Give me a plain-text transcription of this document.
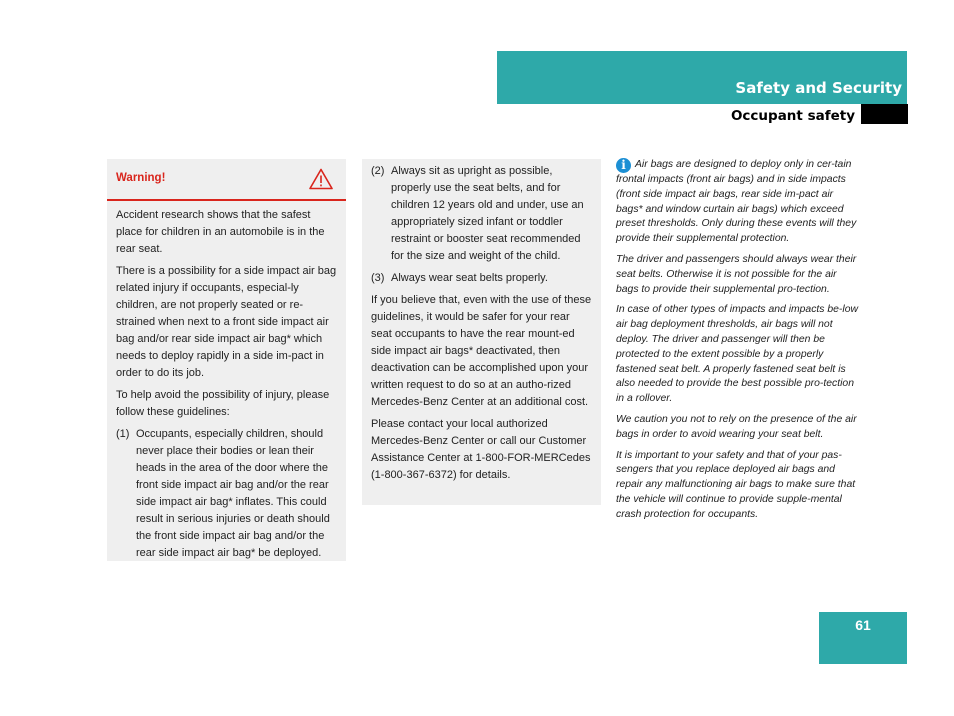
Safety and Security
Occupant safety

Warning!

Accident research shows that the safest place for children in an automobile is in the rear seat.

There is a possibility for a side impact air bag related injury if occupants, especial-ly children, are not properly seated or re-strained when next to a front side impact air bag and/or rear side impact air bag* which needs to deploy rapidly in a side im-pact in order to do its job.

To help avoid the possibility of injury, please follow these guidelines:

(1) Occupants, especially children, should never place their bodies or lean their heads in the area of the door where the front side impact air bag and/or the rear side impact air bag* inflates. This could result in serious injuries or death should the front side impact air bag and/or the rear side impact air bag* be deployed.
(2) Always sit as upright as possible, properly use the seat belts, and for children 12 years old and under, use an appropriately sized infant or toddler restraint or booster seat recommended for the size and weight of the child.
(3) Always wear seat belts properly.

If you believe that, even with the use of these guidelines, it would be safer for your rear seat occupants to have the rear mount-ed side impact air bags* deactivated, then deactivation can be accomplished upon your written request to do so at an autho-rized Mercedes-Benz Center at an additional cost.

Please contact your local authorized Mercedes-Benz Center or call our Customer Assistance Center at 1-800-FOR-MERCedes (1-800-367-6372) for details.

i Air bags are designed to deploy only in cer-tain frontal impacts (front air bags) and in side impacts (front side impact air bags, rear side im-pact air bags* and window curtain air bags) which exceed preset thresholds. Only during these events will they provide their supplemental protection.

The driver and passengers should always wear their seat belts. Otherwise it is not possible for the air bags to provide their supplemental pro-tection.

In case of other types of impacts and impacts be-low air bag deployment thresholds, air bags will not deploy. The driver and passenger will then be protected to the extent possible by a properly fastened seat belt. A properly fastened seat belt is also needed to provide the best possible pro-tection in a rollover.

We caution you not to rely on the presence of the air bags in order to avoid wearing your seat belt.

It is important to your safety and that of your pas-sengers that you replace deployed air bags and repair any malfunctioning air bags to make sure that the vehicle will continue to provide supple-mental crash protection for occupants.

61
